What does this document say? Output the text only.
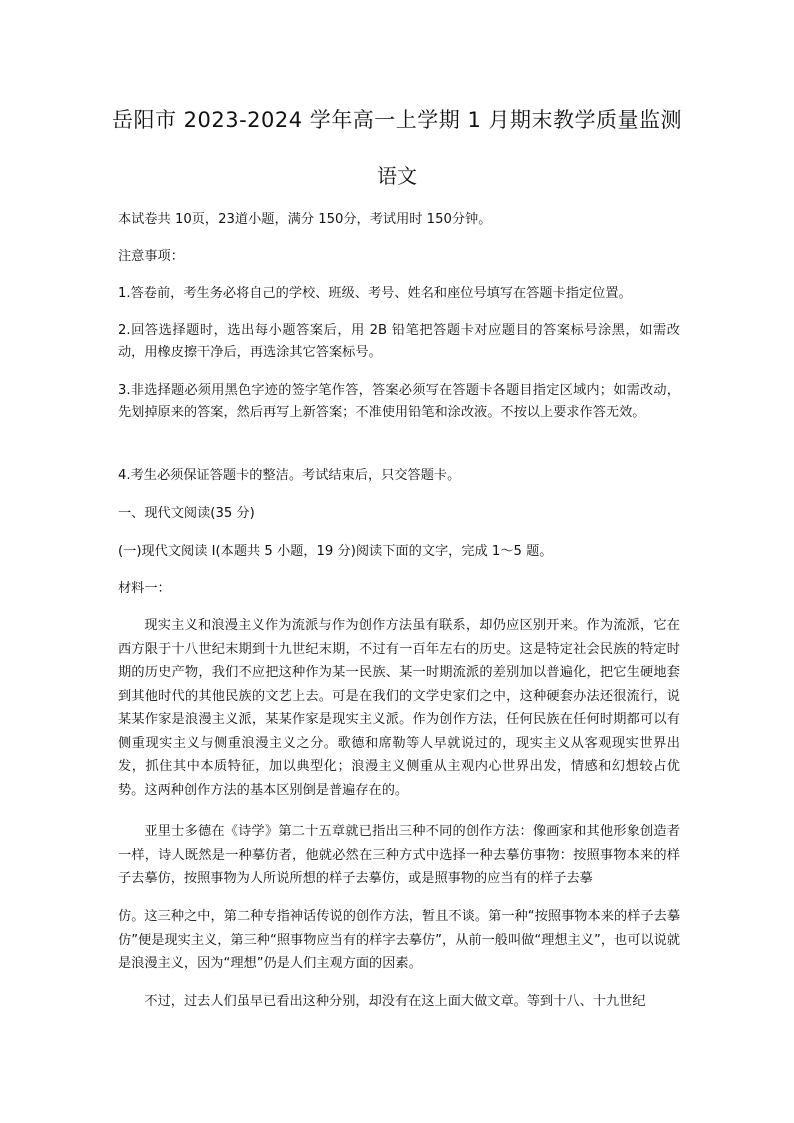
岳阳市 2023-2024 学年高一上学期 1 月期末教学质量监测
语文
本试卷共 10页，23道小题，满分 150分，考试用时 150分钟。
注意事项：
1.答卷前，考生务必将自己的学校、班级、考号、姓名和座位号填写在答题卡指定位置。
2.回答选择题时，选出每小题答案后，用 2B 铅笔把答题卡对应题目的答案标号涂黑，如需改动，用橡皮擦干净后，再选涂其它答案标号。
3.非选择题必须用黑色字迹的签字笔作答，答案必须写在答题卡各题目指定区域内；如需改动，先划掉原来的答案，然后再写上新答案；不准使用铅笔和涂改液。不按以上要求作答无效。
4.考生必须保证答题卡的整洁。考试结束后，只交答题卡。
一、现代文阅读(35 分)
(一)现代文阅读 I(本题共 5 小题，19 分)阅读下面的文字，完成 1～5 题。
材料一：
现实主义和浪漫主义作为流派与作为创作方法虽有联系，却仍应区别开来。作为流派，它在西方限于十八世纪末期到十九世纪末期，不过有一百年左右的历史。这是特定社会民族的特定时期的历史产物，我们不应把这种作为某一民族、某一时期流派的差别加以普遍化，把它生硬地套到其他时代的其他民族的文艺上去。可是在我们的文学史家们之中，这种硬套办法还很流行，说某某作家是浪漫主义派，某某作家是现实主义派。作为创作方法，任何民族在任何时期都可以有侧重现实主义与侧重浪漫主义之分。歌德和席勒等人早就说过的，现实主义从客观现实世界出发，抓住其中本质特征，加以典型化；浪漫主义侧重从主观内心世界出发，情感和幻想较占优势。这两种创作方法的基本区别倒是普遍存在的。
亚里士多德在《诗学》第二十五章就已指出三种不同的创作方法：像画家和其他形象创造者一样，诗人既然是一种摹仿者，他就必然在三种方式中选择一种去摹仿事物：按照事物本来的样子去摹仿，按照事物为人所说所想的样子去摹仿，或是照事物的应当有的样子去摹
仿。这三种之中，第二种专指神话传说的创作方法，暂且不谈。第一种“按照事物本来的样子去摹仿”便是现实主义，第三种“照事物应当有的样字去摹仿”，从前一般叫做“理想主义”，也可以说就是浪漫主义，因为“理想”仍是人们主观方面的因素。
不过，过去人们虽早已看出这种分别，却没有在这上面大做文章。等到十八、十九世纪
